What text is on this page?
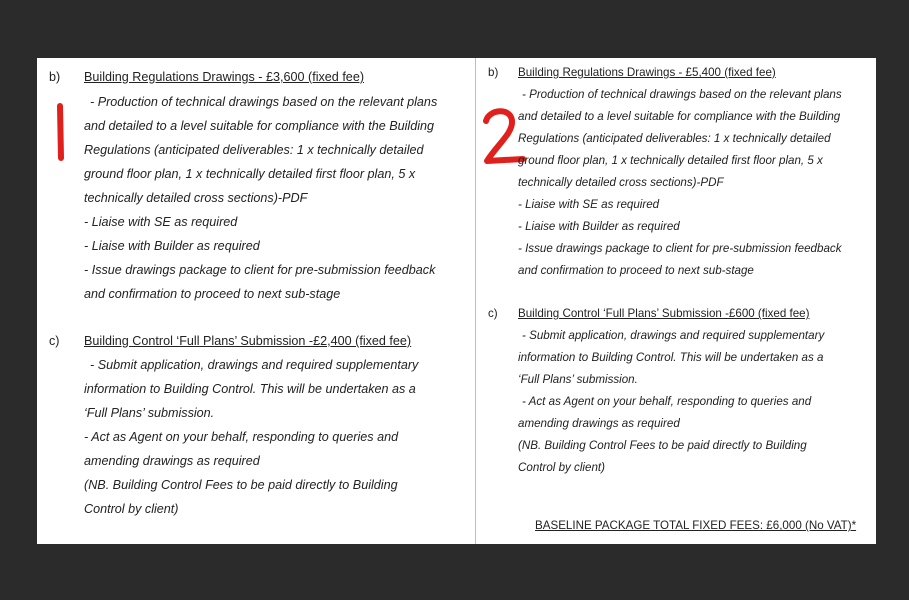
b) Building Regulations Drawings - £3,600 (fixed fee)
- Production of technical drawings based on the relevant plans
and detailed to a level suitable for compliance with the Building
Regulations (anticipated deliverables: 1 x technically detailed
ground floor plan, 1 x technically detailed first floor plan, 5 x
technically detailed cross sections)-PDF
- Liaise with SE as required
- Liaise with Builder as required
- Issue drawings package to client for pre-submission feedback
and confirmation to proceed to next sub-stage
c) Building Control ‘Full Plans’ Submission -£2,400 (fixed fee)
- Submit application, drawings and required supplementary
information to Building Control. This will be undertaken as a
‘Full Plans’ submission.
- Act as Agent on your behalf, responding to queries and
amending drawings as required
(NB. Building Control Fees to be paid directly to Building
Control by client)
b) Building Regulations Drawings - £5,400 (fixed fee)
- Production of technical drawings based on the relevant plans
and detailed to a level suitable for compliance with the Building
Regulations (anticipated deliverables: 1 x technically detailed
ground floor plan, 1 x technically detailed first floor plan, 5 x
technically detailed cross sections)-PDF
- Liaise with SE as required
- Liaise with Builder as required
- Issue drawings package to client for pre-submission feedback
and confirmation to proceed to next sub-stage
c) Building Control ‘Full Plans’ Submission -£600 (fixed fee)
- Submit application, drawings and required supplementary
information to Building Control. This will be undertaken as a
‘Full Plans’ submission.
- Act as Agent on your behalf, responding to queries and
amending drawings as required
(NB. Building Control Fees to be paid directly to Building
Control by client)
BASELINE PACKAGE TOTAL FIXED FEES: £6,000 (No VAT)*
